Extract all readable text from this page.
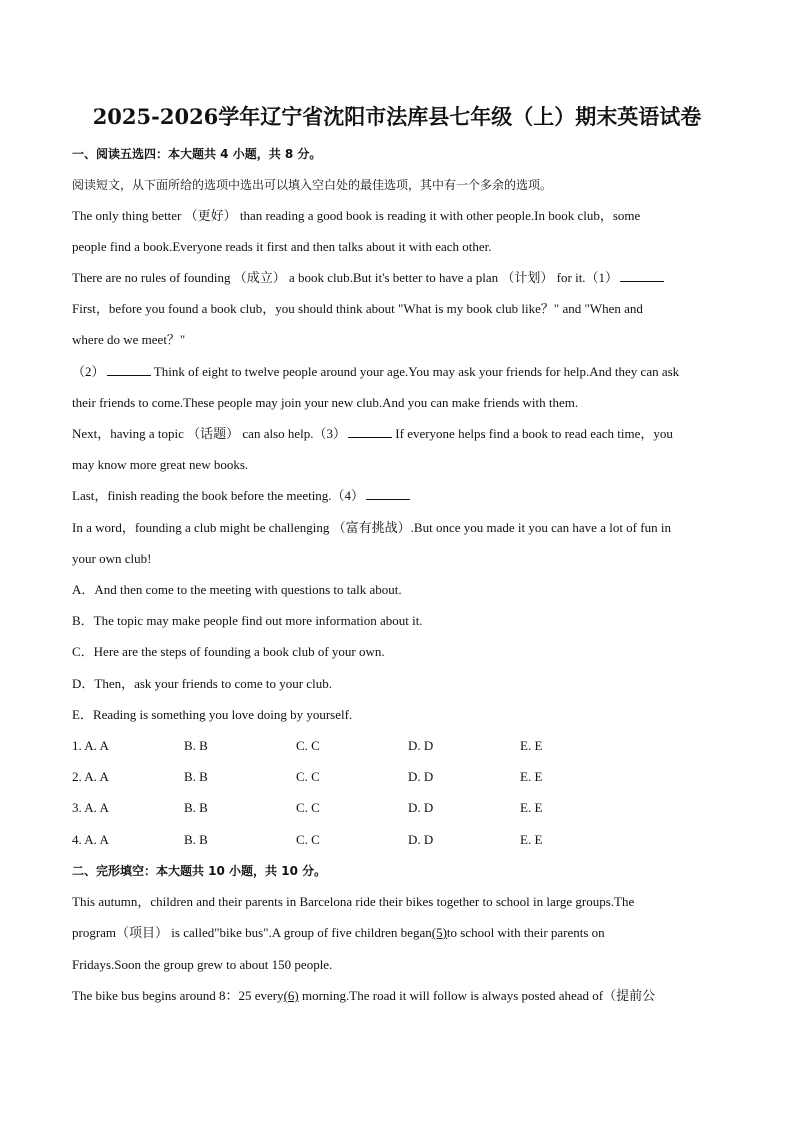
2025-2026学年辽宁省沈阳市法库县七年级（上）期末英语试卷
一、阅读五选四：本大题共 4 小题，共 8 分。
阅读短文，从下面所给的选项中选出可以填入空白处的最佳选项，其中有一个多余的选项。
The only thing better （更好） than reading a good book is reading it with other people.In book club，some
people find a book.Everyone reads it first and then talks about it with each other.
There are no rules of founding （成立） a book club.But it's better to have a plan （计划） for it.（1）
First，before you found a book club，you should think about "What is my book club like？" and "When and
where do we meet？"
（2）	Think of eight to twelve people around your age.You may ask your friends for help.And they can ask
their friends to come.These people may join your new club.And you can make friends with them.
Next，having a topic （话题） can also help.（3）	If everyone helps find a book to read each time，you
may know more great new books.
Last，finish reading the book before the meeting.（4）
In a word，founding a club might be challenging （富有挑战）.But once you made it you can have a lot of fun in
your own club!
A．And then come to the meeting with questions to talk about.
B．The topic may make people find out more information about it.
C．Here are the steps of founding a book club of your own.
D．Then，ask your friends to come to your club.
E．Reading is something you love doing by yourself.
1. A. A	B. B	C. C	D. D	E. E
2. A. A	B. B	C. C	D. D	E. E
3. A. A	B. B	C. C	D. D	E. E
4. A. A	B. B	C. C	D. D	E. E
二、完形填空：本大题共 10 小题，共 10 分。
This autumn，children and their parents in Barcelona ride their bikes together to school in large groups.The
program（项目） is called"bike bus".A group of five children began(5)to school with their parents on
Fridays.Soon the group grew to about 150 people.
The bike bus begins around 8：25 every(6) morning.The road it will follow is always posted ahead of（提前公
